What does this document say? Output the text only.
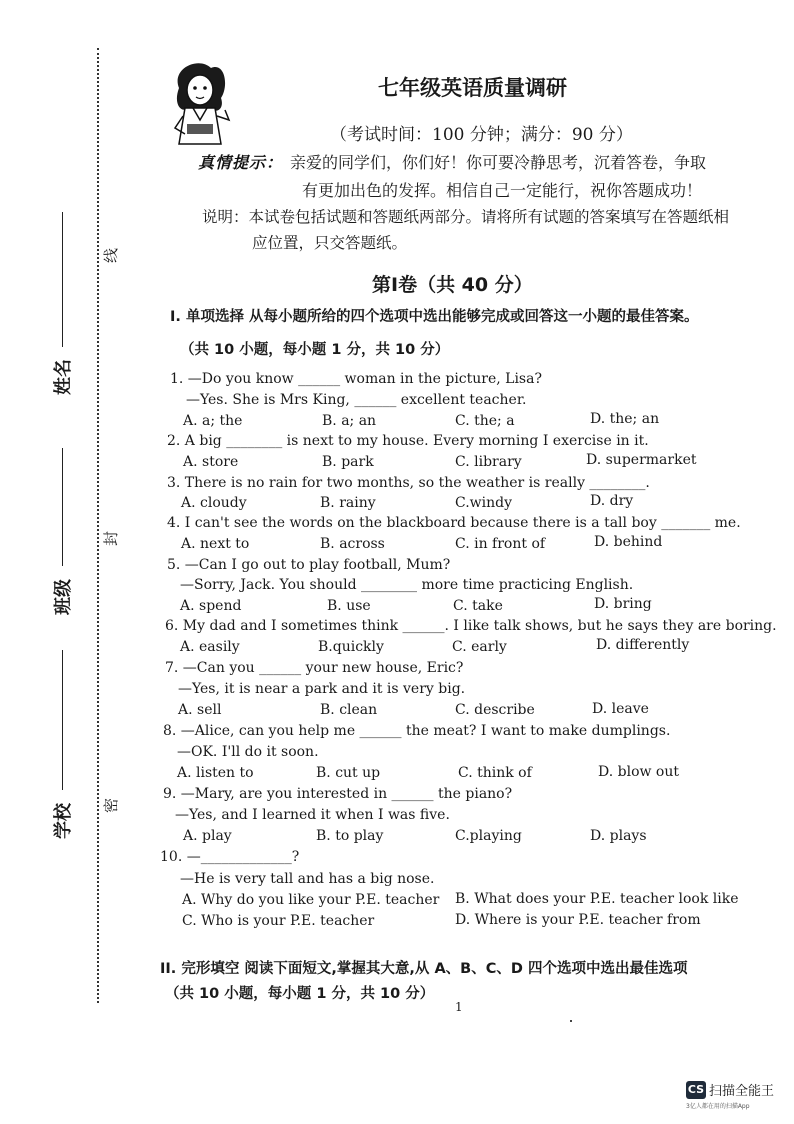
姓名
班级
学校
线
封
密
七年级英语质量调研
（考试时间：100 分钟；满分：90 分）
真情提示： 亲爱的同学们，你们好！你可要冷静思考，沉着答卷，争取
有更加出色的发挥。相信自己一定能行，祝你答题成功！
说明：本试卷包括试题和答题纸两部分。请将所有试题的答案填写在答题纸相
应位置，只交答题纸。
第Ⅰ卷（共 40 分）
I. 单项选择 从每小题所给的四个选项中选出能够完成或回答这一小题的最佳答案。
（共 10 小题，每小题 1 分，共 10 分）
1. —Do you know ______ woman in the picture, Lisa?
—Yes. She is Mrs King, ______ excellent teacher.
A. a; the	B. a; an	C. the; a	D. the; an
2. A big ________ is next to my house. Every morning I exercise in it.
A. store	B. park	C. library	D. supermarket
3. There is no rain for two months, so the weather is really ________.
A. cloudy	B. rainy	C.windy	D. dry
4. I can't see the words on the blackboard because there is a tall boy _______ me.
A. next to	B. across	C. in front of	D. behind
5. —Can I go out to play football, Mum?
—Sorry, Jack. You should ________ more time practicing English.
A. spend	B. use	C. take	D. bring
6. My dad and I sometimes think ______. I like talk shows, but he says they are boring.
A. easily	B.quickly	C. early	D. differently
7. —Can you ______ your new house, Eric?
—Yes, it is near a park and it is very big.
A. sell	B. clean	C. describe	D. leave
8. —Alice, can you help me ______ the meat? I want to make dumplings.
—OK. I'll do it soon.
A. listen to	B. cut up	C. think of	D. blow out
9. —Mary, are you interested in ______ the piano?
—Yes, and I learned it when I was five.
A. play	B. to play	C.playing	D. plays
10. —_____________?
—He is very tall and has a big nose.
A. Why do you like your P.E. teacher B. What does your P.E. teacher look like
C. Who is your P.E. teacher	D. Where is your P.E. teacher from
II. 完形填空 阅读下面短文,掌握其大意,从 A、B、C、D 四个选项中选出最佳选项
（共 10 小题，每小题 1 分，共 10 分）
1
CS 扫描全能王
3亿人都在用的扫描App
